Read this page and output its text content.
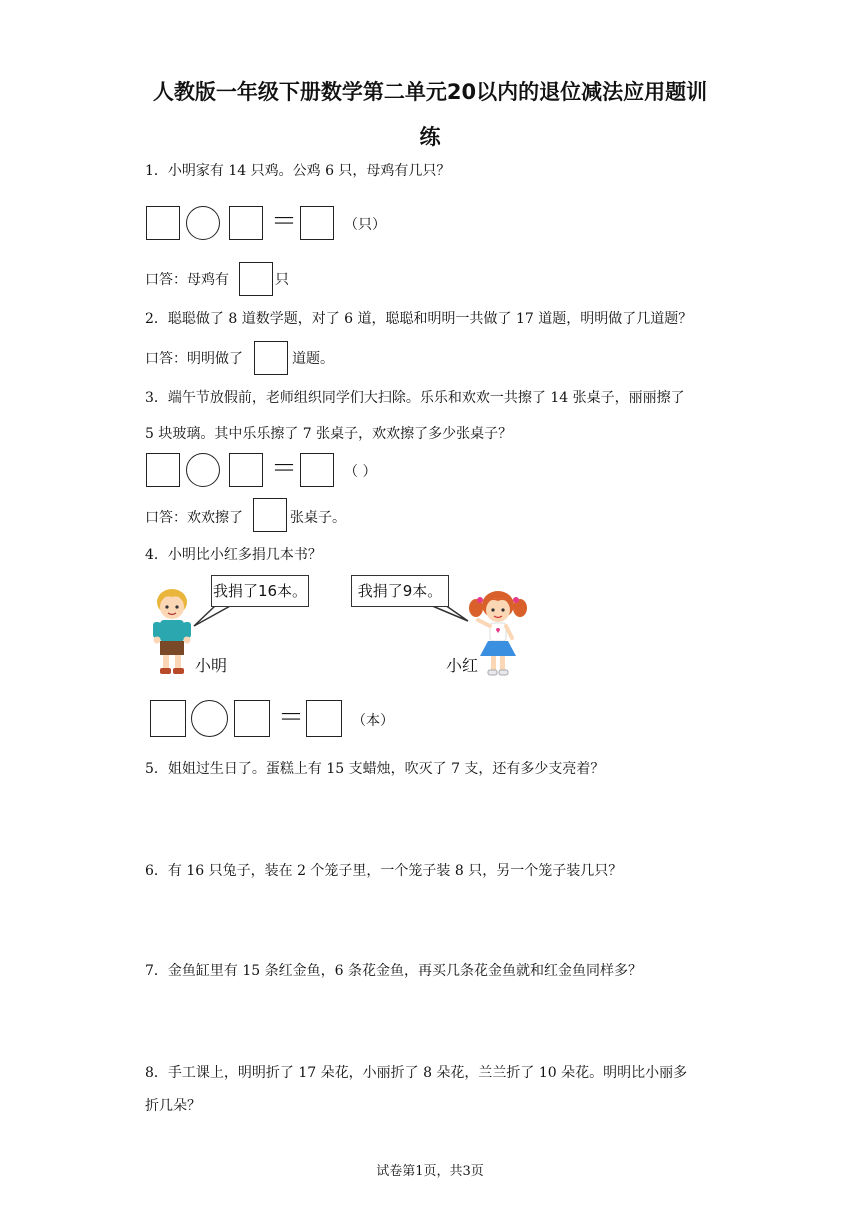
人教版一年级下册数学第二单元20以内的退位减法应用题训
练
1．小明家有 14 只鸡。公鸡 6 只，母鸡有几只？
＝	（只）
口答：母鸡有	只
2．聪聪做了 8 道数学题，对了 6 道，聪聪和明明一共做了 17 道题，明明做了几道题？
口答：明明做了	道题。
3．端午节放假前，老师组织同学们大扫除。乐乐和欢欢一共擦了 14 张桌子，丽丽擦了
5 块玻璃。其中乐乐擦了 7 张桌子，欢欢擦了多少张桌子？
＝	（ ）
口答：欢欢擦了	张桌子。
4．小明比小红多捐几本书？
我捐了16本。
小明
我捐了9本。
小红
＝	（本）
5．姐姐过生日了。蛋糕上有 15 支蜡烛，吹灭了 7 支，还有多少支亮着？
6．有 16 只兔子，装在 2 个笼子里，一个笼子装 8 只，另一个笼子装几只？
7．金鱼缸里有 15 条红金鱼，6 条花金鱼，再买几条花金鱼就和红金鱼同样多？
8．手工课上，明明折了 17 朵花，小丽折了 8 朵花，兰兰折了 10 朵花。明明比小丽多
折几朵？
试卷第1页，共3页
